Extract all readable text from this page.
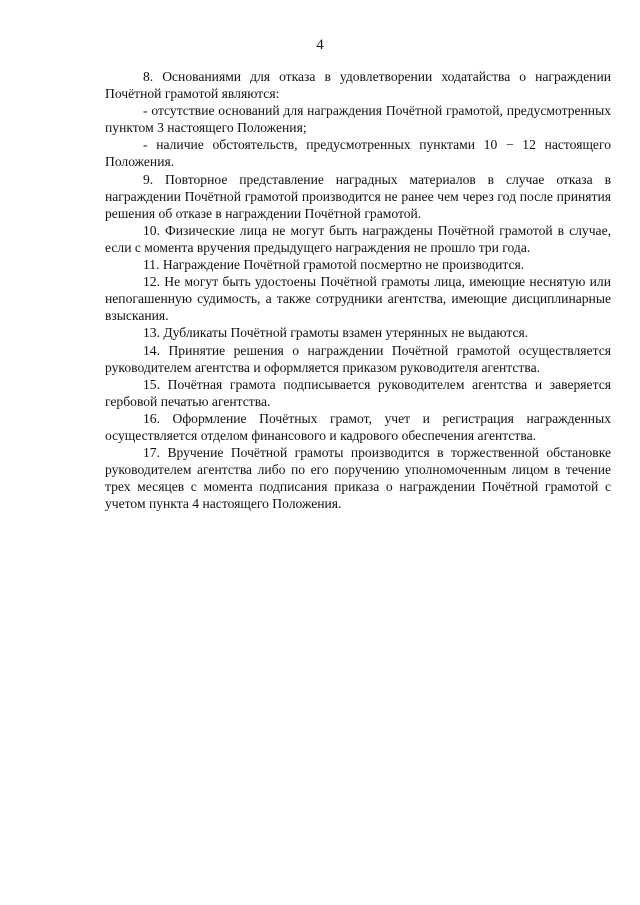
4

8. Основаниями для отказа в удовлетворении ходатайства о награждении Почётной грамотой являются:

- отсутствие оснований для награждения Почётной грамотой, предусмотренных пунктом 3 настоящего Положения;

- наличие обстоятельств, предусмотренных пунктами 10 − 12 настоящего Положения.

9. Повторное представление наградных материалов в случае отказа в награждении Почётной грамотой производится не ранее чем через год после принятия решения об отказе в награждении Почётной грамотой.

10. Физические лица не могут быть награждены Почётной грамотой в случае, если с момента вручения предыдущего награждения не прошло три года.

11. Награждение Почётной грамотой посмертно не производится.

12. Не могут быть удостоены Почётной грамоты лица, имеющие неснятую или непогашенную судимость, а также сотрудники агентства, имеющие дисциплинарные взыскания.

13. Дубликаты Почётной грамоты взамен утерянных не выдаются.

14. Принятие решения о награждении Почётной грамотой осуществляется руководителем агентства и оформляется приказом руководителя агентства.

15. Почётная грамота подписывается руководителем агентства и заверяется гербовой печатью агентства.

16. Оформление Почётных грамот, учет и регистрация награжденных осуществляется отделом финансового и кадрового обеспечения агентства.

17. Вручение Почётной грамоты производится в торжественной обстановке руководителем агентства либо по его поручению уполномоченным лицом в течение трех месяцев с момента подписания приказа о награждении Почётной грамотой с учетом пункта 4 настоящего Положения.
